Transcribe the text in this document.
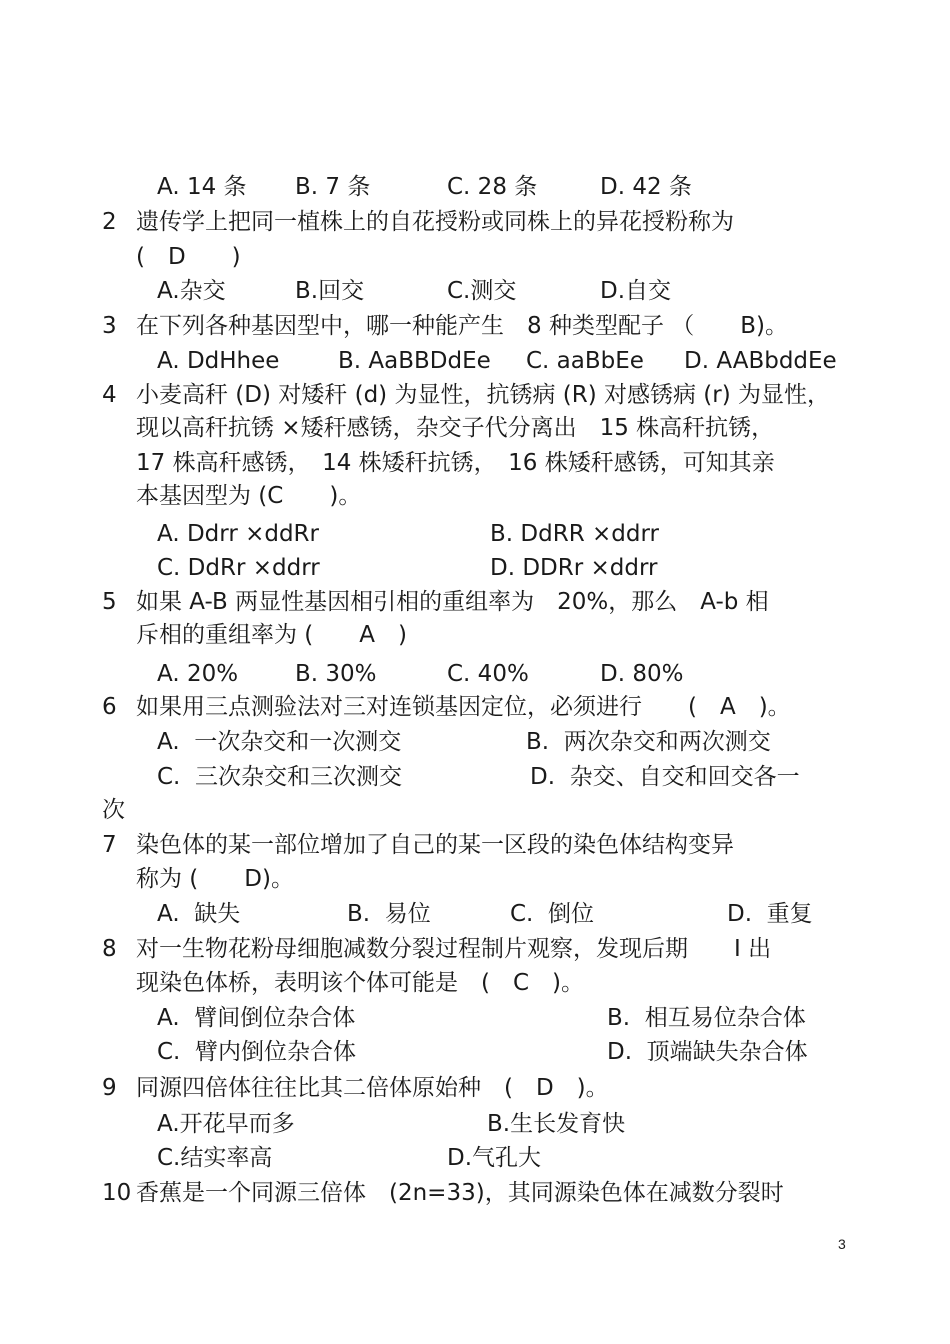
A. 14 条 B. 7 条	C. 28 条	D. 42 条
2 遗传学上把同一植株上的自花授粉或同株上的异花授粉称为
(　D　　)
A.杂交	B.回交	C.测交	D.自交
3 在下列各种基因型中，哪一种能产生　8 种类型配子 （　　B)。
A. DdHhee	B. AaBBDdEe C. aaBbEe D. AABbddEe
4 小麦高秆 (D) 对矮秆 (d) 为显性，抗锈病 (R) 对感锈病 (r) 为显性，
现以高秆抗锈 ×矮秆感锈，杂交子代分离出　15 株高秆抗锈，
17 株高秆感锈，　14 株矮秆抗锈，　16 株矮秆感锈，可知其亲
本基因型为 (C　　)。
A. Ddrr ×ddRr	B. DdRR ×ddrr
C. DdRr ×ddrr	D. DDRr ×ddrr
5 如果 A-B 两显性基因相引相的重组率为　20%，那么　A-b 相
斥相的重组率为 (　　A　)
A. 20% B. 30%	C. 40%	D. 80%
6 如果用三点测验法对三对连锁基因定位，必须进行　　(　A　)。
A.  一次杂交和一次测交	B.  两次杂交和两次测交
C.  三次杂交和三次测交	D.  杂交、自交和回交各一
次
7 染色体的某一部位增加了自己的某一区段的染色体结构变异
称为 (　　D)。
A.  缺失	B.  易位	C.  倒位	D.  重复
8 对一生物花粉母细胞减数分裂过程制片观察，发现后期　　I 出
现染色体桥，表明该个体可能是　(　C　)。
A.  臂间倒位杂合体	B.  相互易位杂合体
C.  臂内倒位杂合体	D.  顶端缺失杂合体
9 同源四倍体往往比其二倍体原始种　(　D　)。
A.开花早而多	B.生长发育快
C.结实率高	D.气孔大
10 香蕉是一个同源三倍体　(2n=33)，其同源染色体在减数分裂时
3
